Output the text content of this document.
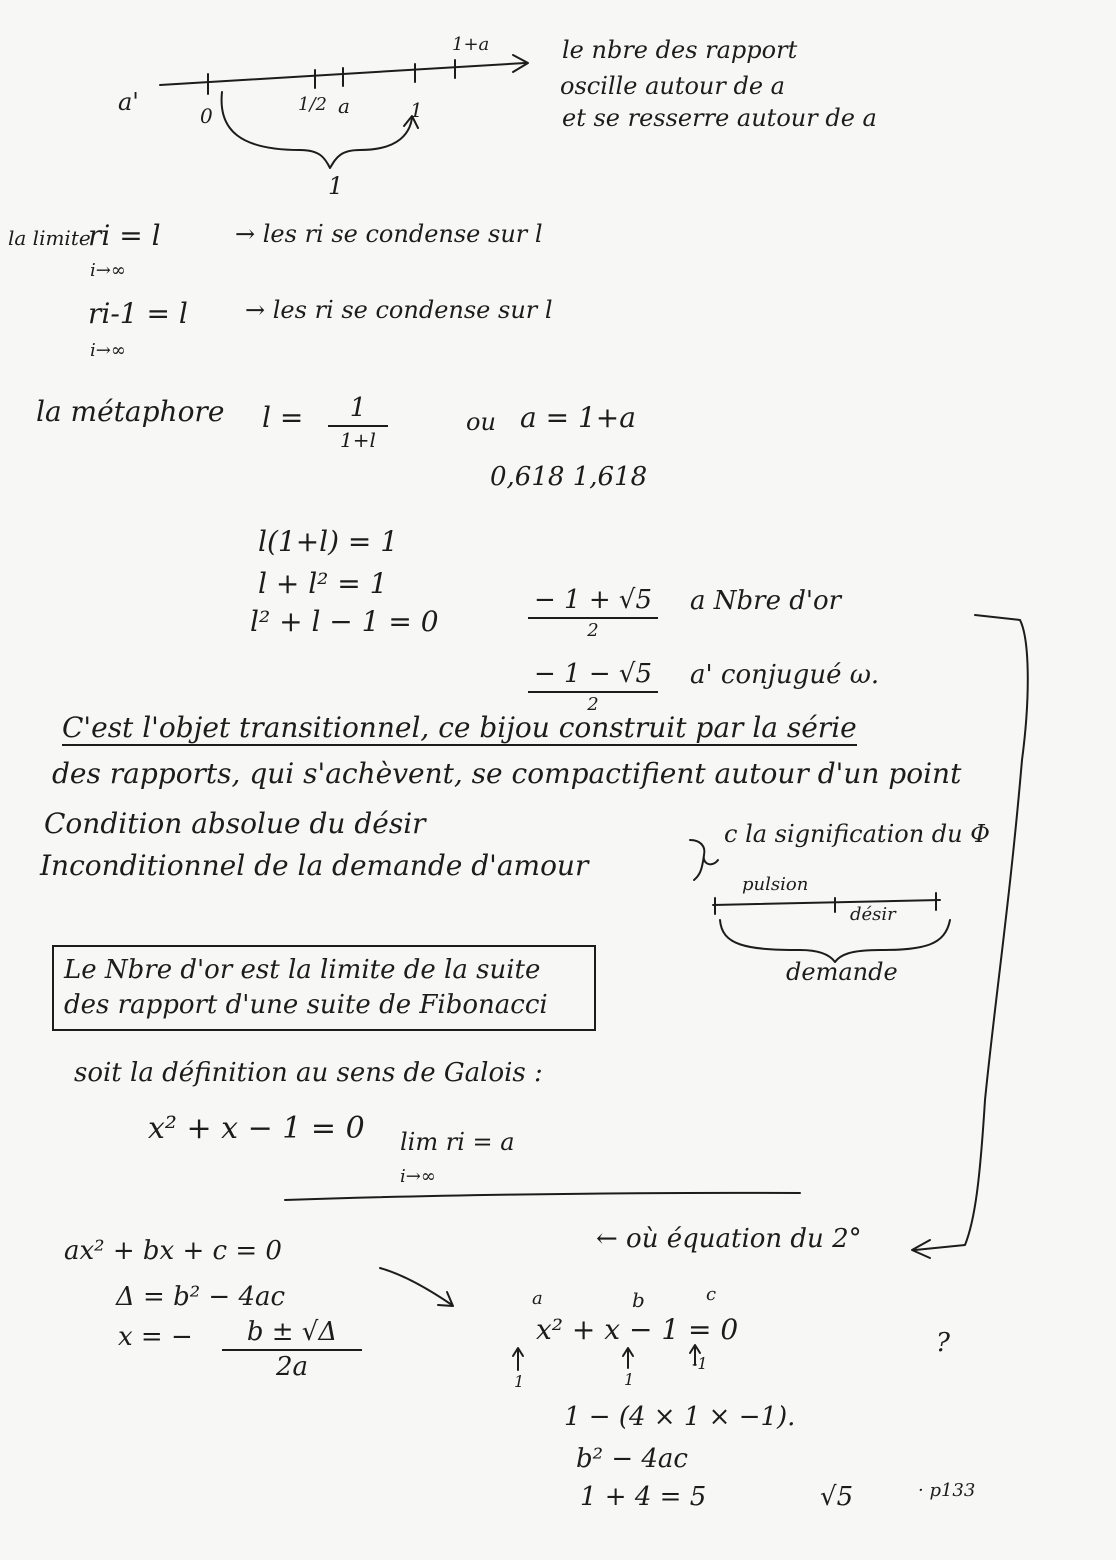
a'	0	1/2 a	1
1+a
1
le nbre des rapport
oscille autour de a
et se resserre autour de a
la limite
ri = l
i→∞
→ les ri se condense sur l
ri-1 = l
i→∞
→ les ri se condense sur l
la métaphore l =	1
1+l
ou a = 1+a
0,618 1,618
l(1+l) = 1
l + l² = 1
l² + l − 1 = 0
− 1 + √5
2
a Nbre d'or
− 1 − √5
2
a' conjugué ω.
C'est l'objet transitionnel, ce bijou construit par la série
des rapports, qui s'achèvent, se compactifient autour d'un point
Condition absolue du désir
Inconditionnel de la demande d'amour
c la signification du Φ
pulsion
désir
demande
Le Nbre d'or est la limite de la suite
des rapport d'une suite de Fibonacci
soit la définition au sens de Galois :
x² + x − 1 = 0 lim ri = a
i→∞
ax² + bx + c = 0
Δ = b² − 4ac
x = −	b ± √Δ
2a
← où équation du 2°
a	b	c
x² + x − 1 = 0
1	1
-1
?
1 − (4 × 1 × −1).
b² − 4ac
1 + 4 = 5	√5	· p133
